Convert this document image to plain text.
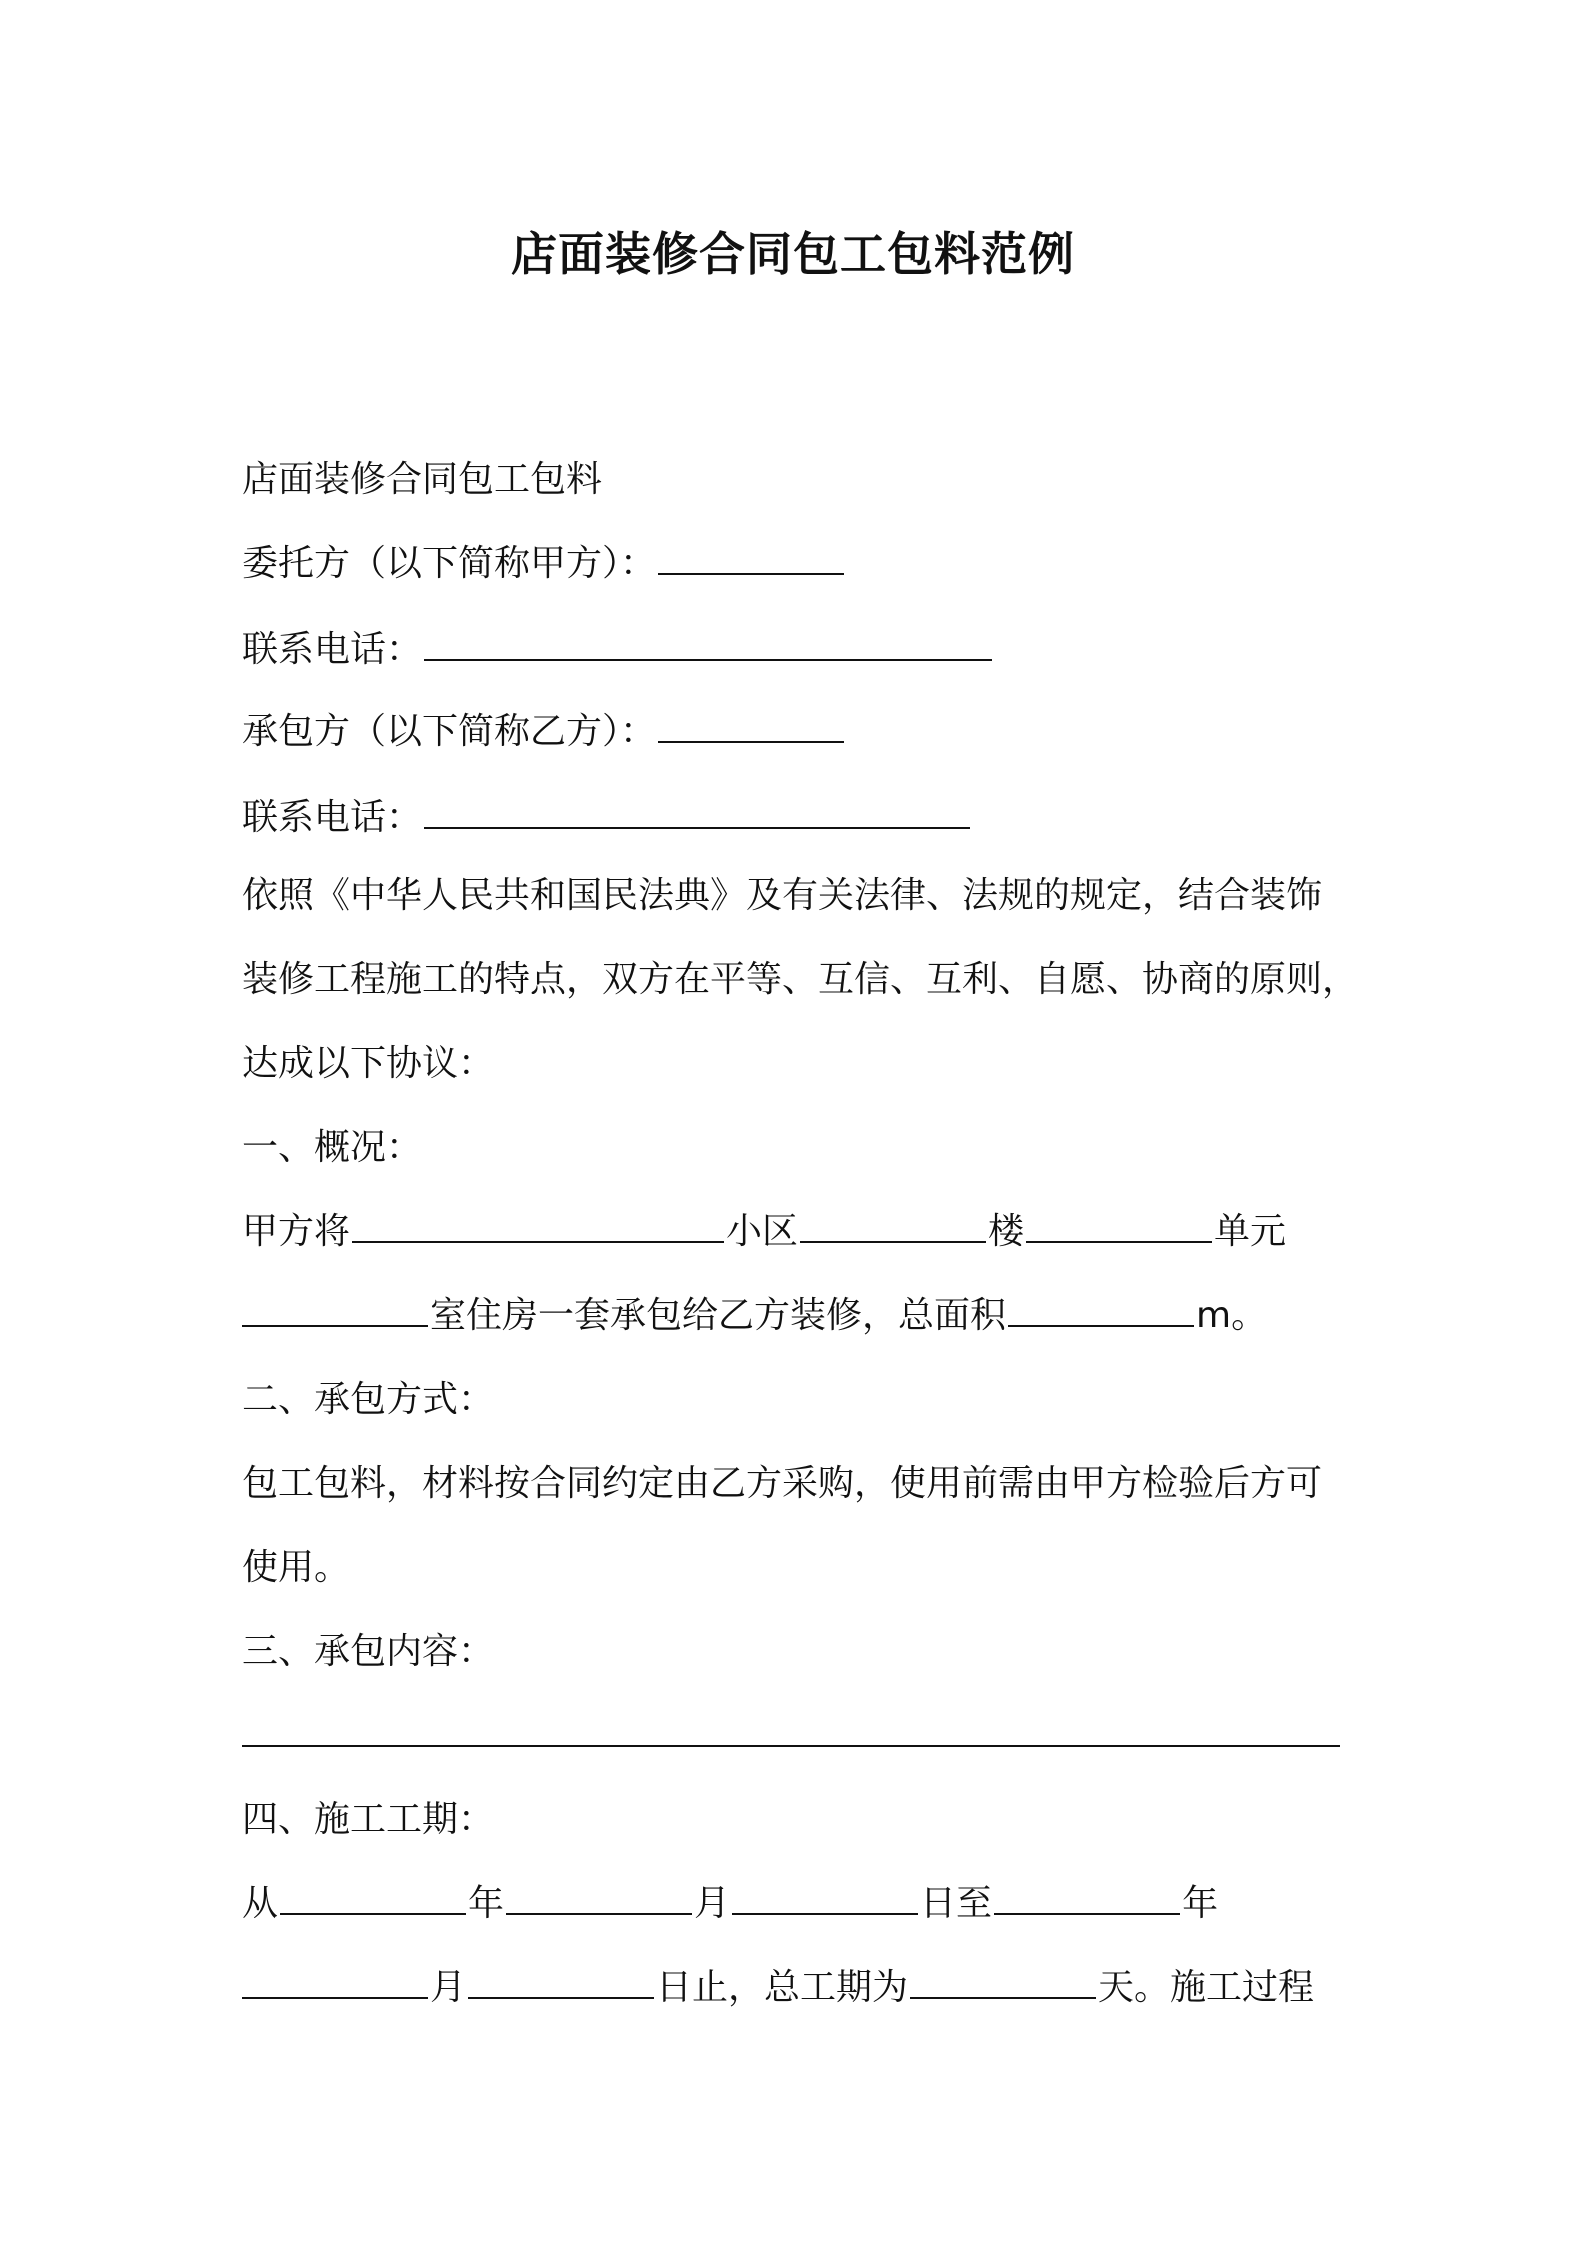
店面装修合同包工包料范例
店面装修合同包工包料
委托方（以下简称甲方）：
联系电话：
承包方（以下简称乙方）：
联系电话：
依照《中华人民共和国民法典》及有关法律、法规的规定，结合装饰
装修工程施工的特点，双方在平等、互信、互利、自愿、协商的原则，
达成以下协议：
一、概况：
甲方将	小区	楼	单元
室住房一套承包给乙方装修，总面积	m。
二、承包方式：
包工包料，材料按合同约定由乙方采购，使用前需由甲方检验后方可
使用。
三、承包内容：
四、施工工期：
从	年	月	日至	年
月	日止，总工期为	天。施工过程
